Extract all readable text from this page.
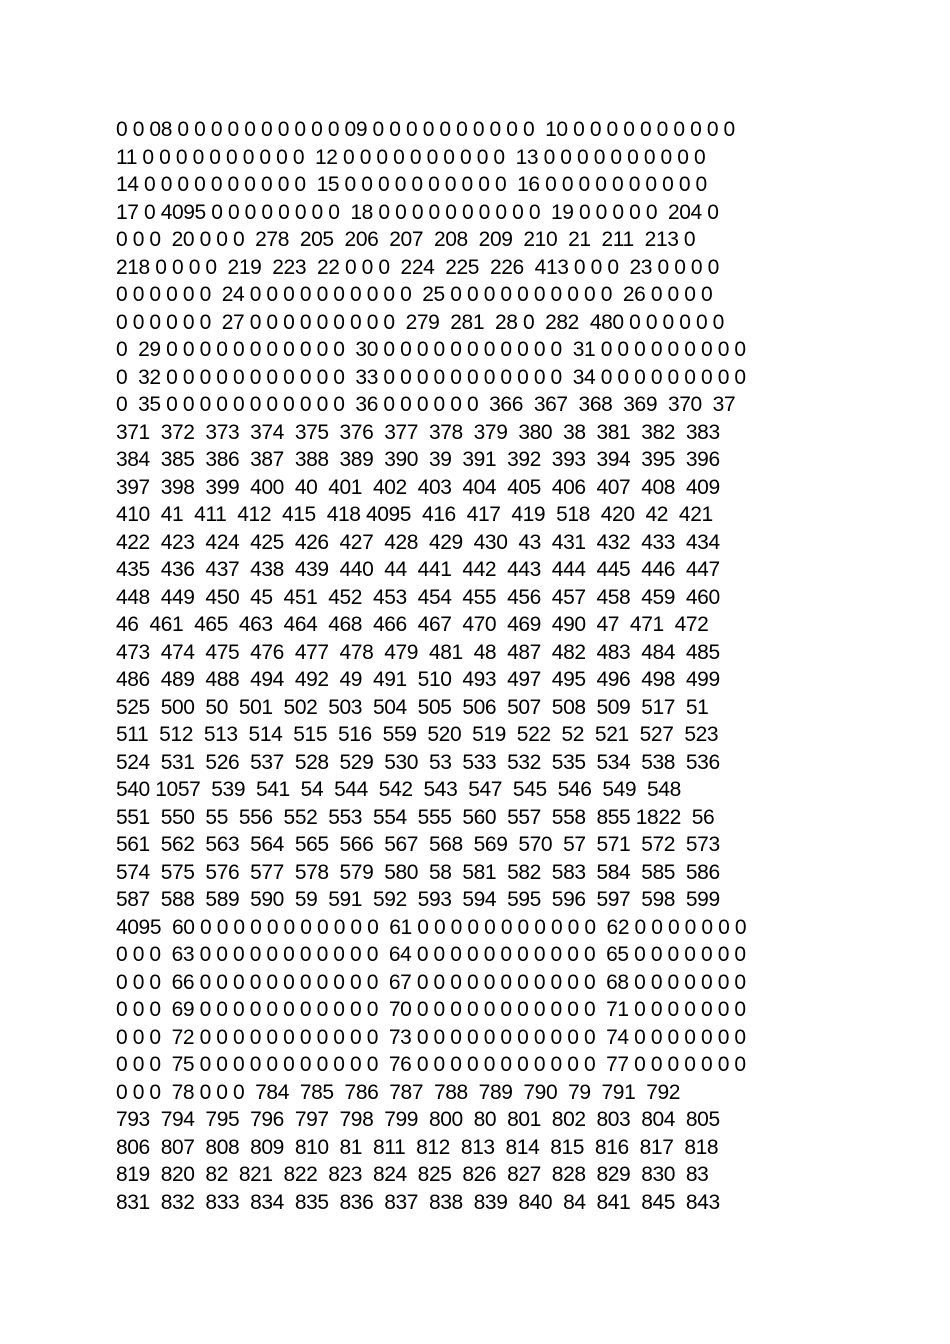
0 0 08 0 0 0 0 0 0 0 0 0 0 09 0 0 0 0 0 0 0 0 0 0  10 0 0 0 0 0 0 0 0 0 0
11 0 0 0 0 0 0 0 0 0 0  12 0 0 0 0 0 0 0 0 0 0  13 0 0 0 0 0 0 0 0 0 0
14 0 0 0 0 0 0 0 0 0 0  15 0 0 0 0 0 0 0 0 0 0  16 0 0 0 0 0 0 0 0 0 0
17 0 4095 0 0 0 0 0 0 0 0  18 0 0 0 0 0 0 0 0 0 0  19 0 0 0 0 0  204 0
0 0 0  20 0 0 0  278  205  206  207  208  209  210  21  211  213 0
218 0 0 0 0  219  223  22 0 0 0  224  225  226  413 0 0 0  23 0 0 0 0
0 0 0 0 0 0  24 0 0 0 0 0 0 0 0 0 0  25 0 0 0 0 0 0 0 0 0 0  26 0 0 0 0
0 0 0 0 0 0  27 0 0 0 0 0 0 0 0 0  279  281  28 0  282  480 0 0 0 0 0 0
0  29 0 0 0 0 0 0 0 0 0 0 0  30 0 0 0 0 0 0 0 0 0 0 0  31 0 0 0 0 0 0 0 0 0
0  32 0 0 0 0 0 0 0 0 0 0 0  33 0 0 0 0 0 0 0 0 0 0 0  34 0 0 0 0 0 0 0 0 0
0  35 0 0 0 0 0 0 0 0 0 0 0  36 0 0 0 0 0 0  366  367  368  369  370  37
371  372  373  374  375  376  377  378  379  380  38  381  382  383
384  385  386  387  388  389  390  39  391  392  393  394  395  396
397  398  399  400  40  401  402  403  404  405  406  407  408  409
410  41  411  412  415  418 4095  416  417  419  518  420  42  421
422  423  424  425  426  427  428  429  430  43  431  432  433  434
435  436  437  438  439  440  44  441  442  443  444  445  446  447
448  449  450  45  451  452  453  454  455  456  457  458  459  460
46  461  465  463  464  468  466  467  470  469  490  47  471  472
473  474  475  476  477  478  479  481  48  487  482  483  484  485
486  489  488  494  492  49  491  510  493  497  495  496  498  499
525  500  50  501  502  503  504  505  506  507  508  509  517  51
511  512  513  514  515  516  559  520  519  522  52  521  527  523
524  531  526  537  528  529  530  53  533  532  535  534  538  536
540 1057  539  541  54  544  542  543  547  545  546  549  548
551  550  55  556  552  553  554  555  560  557  558  855 1822  56
561  562  563  564  565  566  567  568  569  570  57  571  572  573
574  575  576  577  578  579  580  58  581  582  583  584  585  586
587  588  589  590  59  591  592  593  594  595  596  597  598  599
4095  60 0 0 0 0 0 0 0 0 0 0 0  61 0 0 0 0 0 0 0 0 0 0 0  62 0 0 0 0 0 0 0
0 0 0  63 0 0 0 0 0 0 0 0 0 0 0  64 0 0 0 0 0 0 0 0 0 0 0  65 0 0 0 0 0 0 0
0 0 0  66 0 0 0 0 0 0 0 0 0 0 0  67 0 0 0 0 0 0 0 0 0 0 0  68 0 0 0 0 0 0 0
0 0 0  69 0 0 0 0 0 0 0 0 0 0 0  70 0 0 0 0 0 0 0 0 0 0 0  71 0 0 0 0 0 0 0
0 0 0  72 0 0 0 0 0 0 0 0 0 0 0  73 0 0 0 0 0 0 0 0 0 0 0  74 0 0 0 0 0 0 0
0 0 0  75 0 0 0 0 0 0 0 0 0 0 0  76 0 0 0 0 0 0 0 0 0 0 0  77 0 0 0 0 0 0 0
0 0 0  78 0 0 0  784  785  786  787  788  789  790  79  791  792
793  794  795  796  797  798  799  800  80  801  802  803  804  805
806  807  808  809  810  81  811  812  813  814  815  816  817  818
819  820  82  821  822  823  824  825  826  827  828  829  830  83
831  832  833  834  835  836  837  838  839  840  84  841  845  843
